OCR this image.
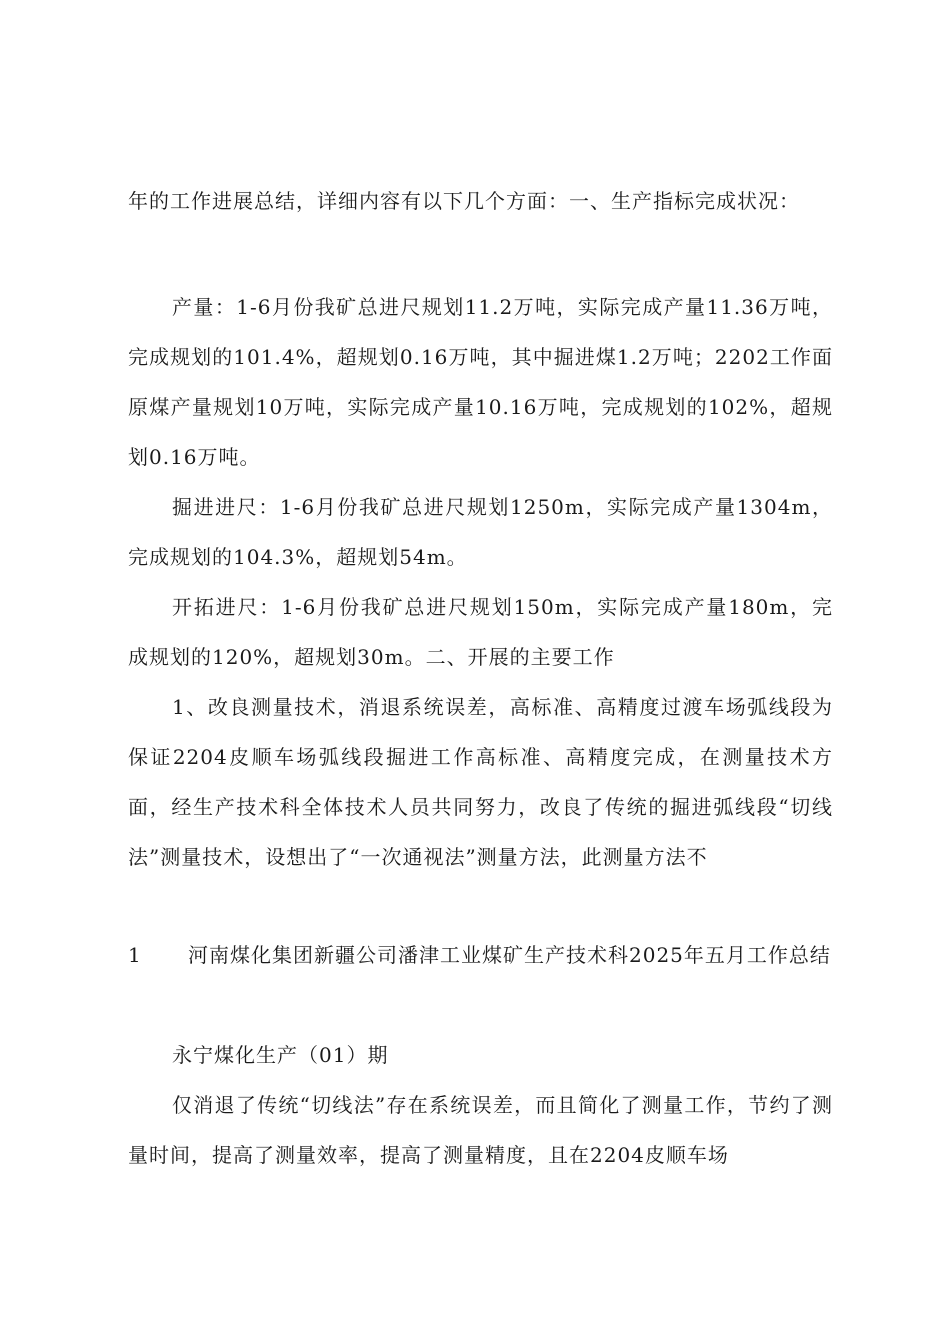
年的工作进展总结，详细内容有以下几个方面：一、生产指标完成状况：

产量：1-6月份我矿总进尺规划11.2万吨，实际完成产量11.36万吨，完成规划的101.4%，超规划0.16万吨，其中掘进煤1.2万吨；2202工作面原煤产量规划10万吨，实际完成产量10.16万吨，完成规划的102%，超规划0.16万吨。

掘进进尺：1-6月份我矿总进尺规划1250m，实际完成产量1304m，完成规划的104.3%，超规划54m。

开拓进尺：1-6月份我矿总进尺规划150m，实际完成产量180m，完成规划的120%，超规划30m。二、开展的主要工作

1、改良测量技术，消退系统误差，高标准、高精度过渡车场弧线段为保证2204皮顺车场弧线段掘进工作高标准、高精度完成，在测量技术方面，经生产技术科全体技术人员共同努力，改良了传统的掘进弧线段“切线法”测量技术，设想出了“一次通视法”测量方法，此测量方法不

1 河南煤化集团新疆公司潘津工业煤矿生产技术科2025年五月工作总结

永宁煤化生产（01）期

仅消退了传统“切线法”存在系统误差，而且简化了测量工作，节约了测量时间，提高了测量效率，提高了测量精度，且在2204皮顺车场
